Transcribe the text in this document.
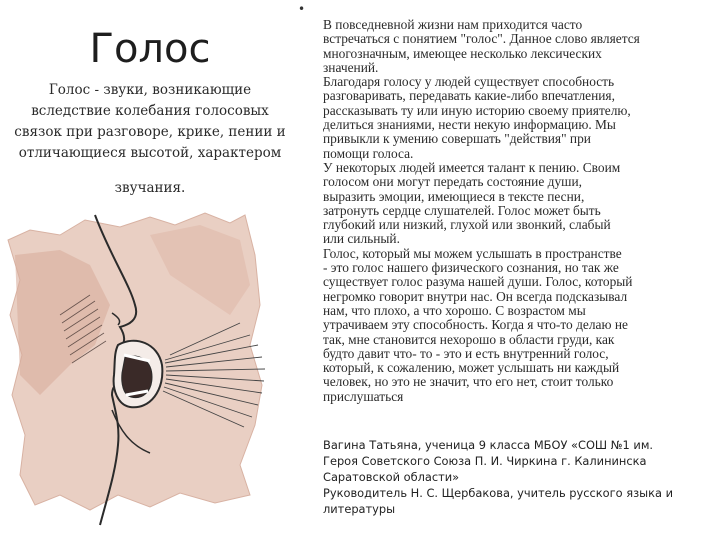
Голос
Голос - звуки, возникающие
вследствие колебания голосовых
связок при разговоре, крике, пении и
отличающиеся высотой, характером
звучания.
•
В повседневной жизни нам приходится часто
встречаться с понятием "голос". Данное слово является
многозначным, имеющее несколько лексических
значений.
Благодаря голосу у людей существует способность
разговаривать, передавать какие-либо впечатления,
рассказывать ту или иную историю своему приятелю,
делиться знаниями, нести некую информацию. Мы
привыкли к умению совершать "действия" при
помощи голоса.
У некоторых людей имеется талант к пению. Своим
голосом они могут передать состояние души,
выразить эмоции, имеющиеся в тексте песни,
затронуть сердце слушателей. Голос может быть
глубокий или низкий, глухой или звонкий, слабый
или сильный.
Голос, который мы можем услышать в пространстве
- это голос нашего физического сознания, но так же
существует голос разума нашей души. Голос, который
негромко говорит внутри нас. Он всегда подсказывал
нам, что плохо, а что хорошо. С возрастом мы
утрачиваем эту способность. Когда я что-то делаю не
так, мне становится нехорошо в области груди, как
будто давит что- то - это и есть внутренний голос,
который, к сожалению, может услышать ни каждый
человек, но это не значит, что его нет, стоит только
прислушаться
Вагина Татьяна, ученица 9 класса МБОУ «СОШ №1 им.
Героя Советского Союза П. И. Чиркина г. Калининска
Саратовской области»
Руководитель Н. С. Щербакова, учитель русского языка и
литературы
